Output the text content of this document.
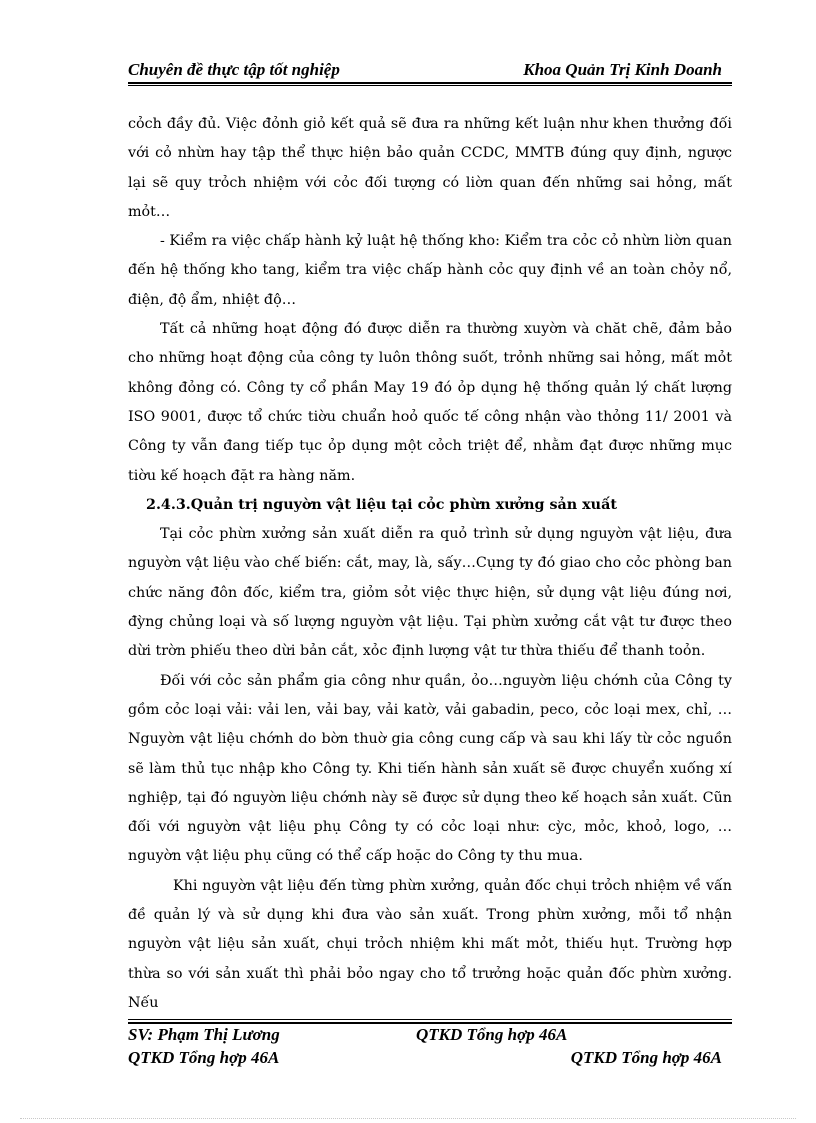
Chuyên đề thực tập tốt nghiệp	Khoa Quản Trị Kinh Doanh

cỏch đầy đủ. Việc đỏnh giỏ kết quả sẽ đưa ra những kết luận như khen thưởng đối với cỏ nhừn hay tập thể thực hiện bảo quản CCDC, MMTB đúng quy định, ngược lại sẽ quy trỏch nhiệm với cỏc đối tượng có liờn quan đến những sai hỏng, mất mỏt…

- Kiểm ra việc chấp hành kỷ luật hệ thống kho: Kiểm tra cỏc cỏ nhừn liờn quan đến hệ thống kho tang, kiểm tra việc chấp hành cỏc quy định về an toàn chỏy nổ, điện, độ ẩm, nhiệt độ…

Tất cả những hoạt động đó được diễn ra thường xuyờn và chăt chẽ, đảm bảo cho những hoạt động của công ty luôn thông suốt, trỏnh những sai hỏng, mất mỏt không đỏng có. Công ty cổ phần May 19 đó ỏp dụng hệ thống quản lý chất lượng ISO 9001, được tổ chức tiờu chuẩn hoỏ quốc tế công nhận vào thỏng 11/ 2001 và Công ty vẫn đang tiếp tục ỏp dụng một cỏch triệt để, nhằm đạt được những mục tiờu kế hoạch đặt ra hàng năm.

2.4.3.Quản trị nguyờn vật liệu tại cỏc phừn xưởng sản xuất

Tại cỏc phừn xưởng sản xuất diễn ra quỏ trình sử dụng nguyờn vật liệu, đưa nguyờn vật liệu vào chế biến: cắt, may, là, sấy…Cụng ty đó giao cho cỏc phòng ban chức năng đôn đốc, kiểm tra, giỏm sỏt việc thực hiện, sử dụng vật liệu đúng nơi, đỳng chủng loại và số lượng nguyờn vật liệu. Tại phừn xưởng cắt vật tư được theo dừi trờn phiếu theo dừi bản cắt, xỏc định lượng vật tư thừa thiếu để thanh toỏn.

Đối với cỏc sản phẩm gia công như quần, ỏo…nguyờn liệu chớnh của Công ty gồm cỏc loại vải: vải len, vải bay, vải katờ, vải gabadin, peco, cỏc loại mex, chỉ, …Nguyờn vật liệu chớnh do bờn thuờ gia công cung cấp và sau khi lấy từ cỏc nguồn sẽ làm thủ tục nhập kho Công ty. Khi tiến hành sản xuất sẽ được chuyển xuống xí nghiệp, tại đó nguyờn liệu chớnh này sẽ được sử dụng theo kế hoạch sản xuất. Cũn đối với nguyờn vật liệu phụ Công ty có cỏc loại như: cỳc, mỏc, khoỏ, logo, …nguyờn vật liệu phụ cũng có thể cấp hoặc do Công ty thu mua.

Khi nguyờn vật liệu đến từng phừn xưởng, quản đốc chụi trỏch nhiệm về vấn đề quản lý và sử dụng khi đưa vào sản xuất. Trong phừn xưởng, mỗi tổ nhận nguyờn vật liệu sản xuất, chụi trỏch nhiệm khi mất mỏt, thiếu hụt. Trường hợp thừa so với sản xuất thì phải bỏo ngay cho tổ trưởng hoặc quản đốc phừn xưởng. Nếu

SV: Phạm Thị Lương	QTKD Tổng hợp 46A
QTKD Tổng hợp 46A	QTKD Tổng hợp 46A
